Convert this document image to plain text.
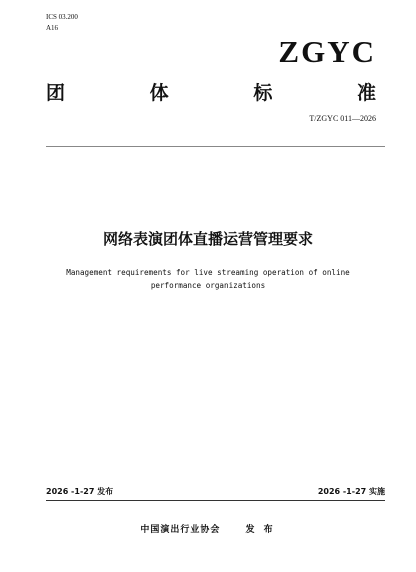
ICS 03.200
A16
ZGYC
团	体	标	准
T/ZGYC 011—2026
网络表演团体直播运营管理要求
Management requirements for live streaming operation of online performance organizations
2026 -1-27 发布	2026 -1-27 实施
中国演出行业协会	发 布
